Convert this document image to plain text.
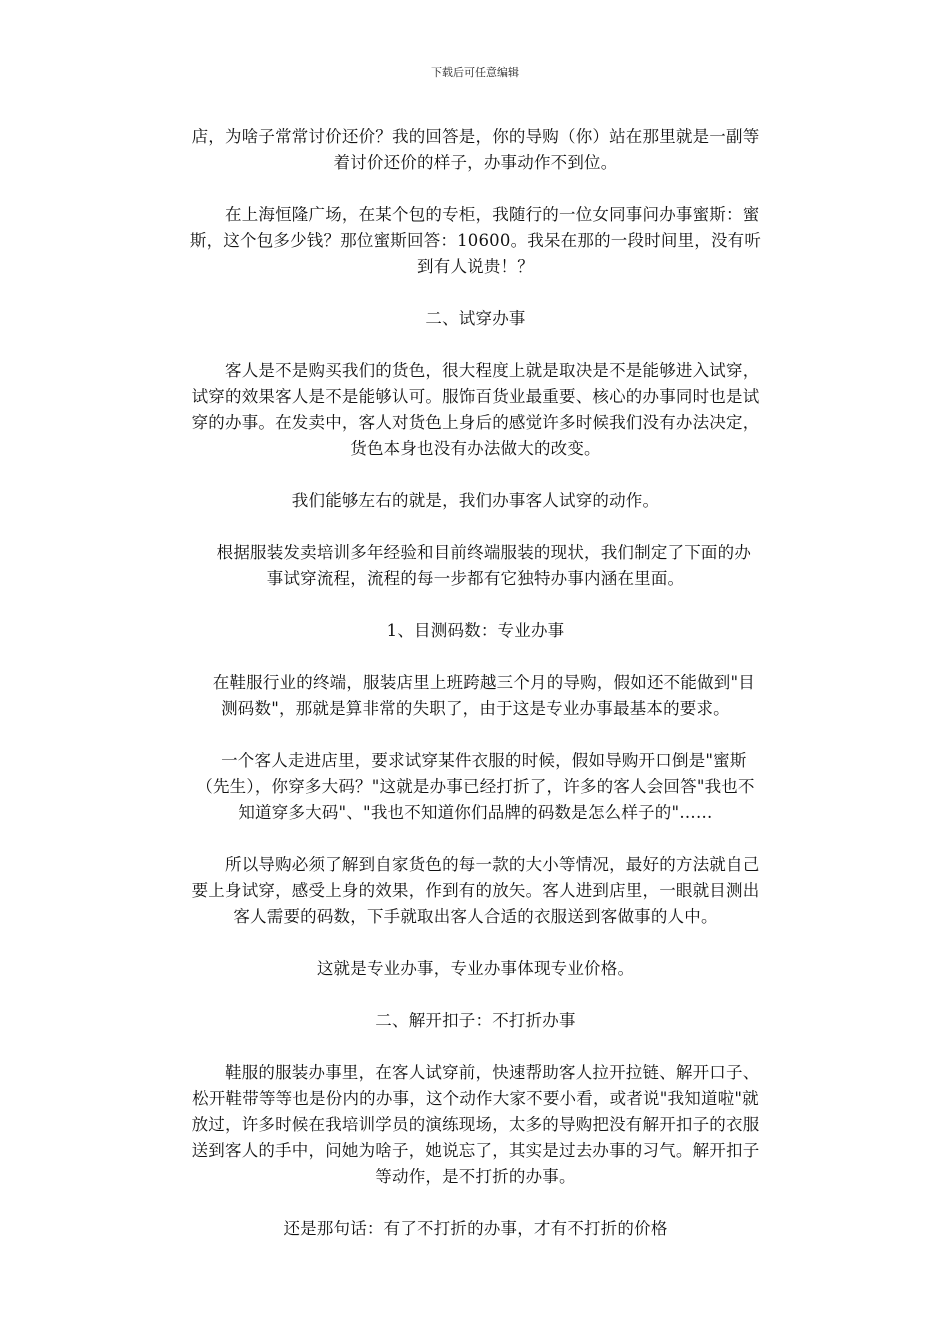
下载后可任意编辑

店，为啥子常常讨价还价？我的回答是，你的导购（你）站在那里就是一副等
着讨价还价的样子，办事动作不到位。

　　在上海恒隆广场，在某个包的专柜，我随行的一位女同事问办事蜜斯：蜜
斯，这个包多少钱？那位蜜斯回答：10600。我呆在那的一段时间里，没有听
到有人说贵！？

二、试穿办事

　　客人是不是购买我们的货色，很大程度上就是取决是不是能够进入试穿，
试穿的效果客人是不是能够认可。服饰百货业最重要、核心的办事同时也是试
穿的办事。在发卖中，客人对货色上身后的感觉许多时候我们没有办法决定，
货色本身也没有办法做大的改变。

我们能够左右的就是，我们办事客人试穿的动作。

　根据服装发卖培训多年经验和目前终端服装的现状，我们制定了下面的办
事试穿流程，流程的每一步都有它独特办事内涵在里面。

1、目测码数：专业办事

　在鞋服行业的终端，服装店里上班跨越三个月的导购，假如还不能做到"目
测码数"，那就是算非常的失职了，由于这是专业办事最基本的要求。

　一个客人走进店里，要求试穿某件衣服的时候，假如导购开口倒是"蜜斯
（先生），你穿多大码？"这就是办事已经打折了，许多的客人会回答"我也不
知道穿多大码"、"我也不知道你们品牌的码数是怎么样子的"……

　　所以导购必须了解到自家货色的每一款的大小等情况，最好的方法就自己
要上身试穿，感受上身的效果，作到有的放矢。客人进到店里，一眼就目测出
客人需要的码数，下手就取出客人合适的衣服送到客做事的人中。

这就是专业办事，专业办事体现专业价格。

二、解开扣子：不打折办事

　　鞋服的服装办事里，在客人试穿前，快速帮助客人拉开拉链、解开口子、
松开鞋带等等也是份内的办事，这个动作大家不要小看，或者说"我知道啦"就
放过，许多时候在我培训学员的演练现场，太多的导购把没有解开扣子的衣服
送到客人的手中，问她为啥子，她说忘了，其实是过去办事的习气。解开扣子
等动作，是不打折的办事。

还是那句话：有了不打折的办事，才有不打折的价格
